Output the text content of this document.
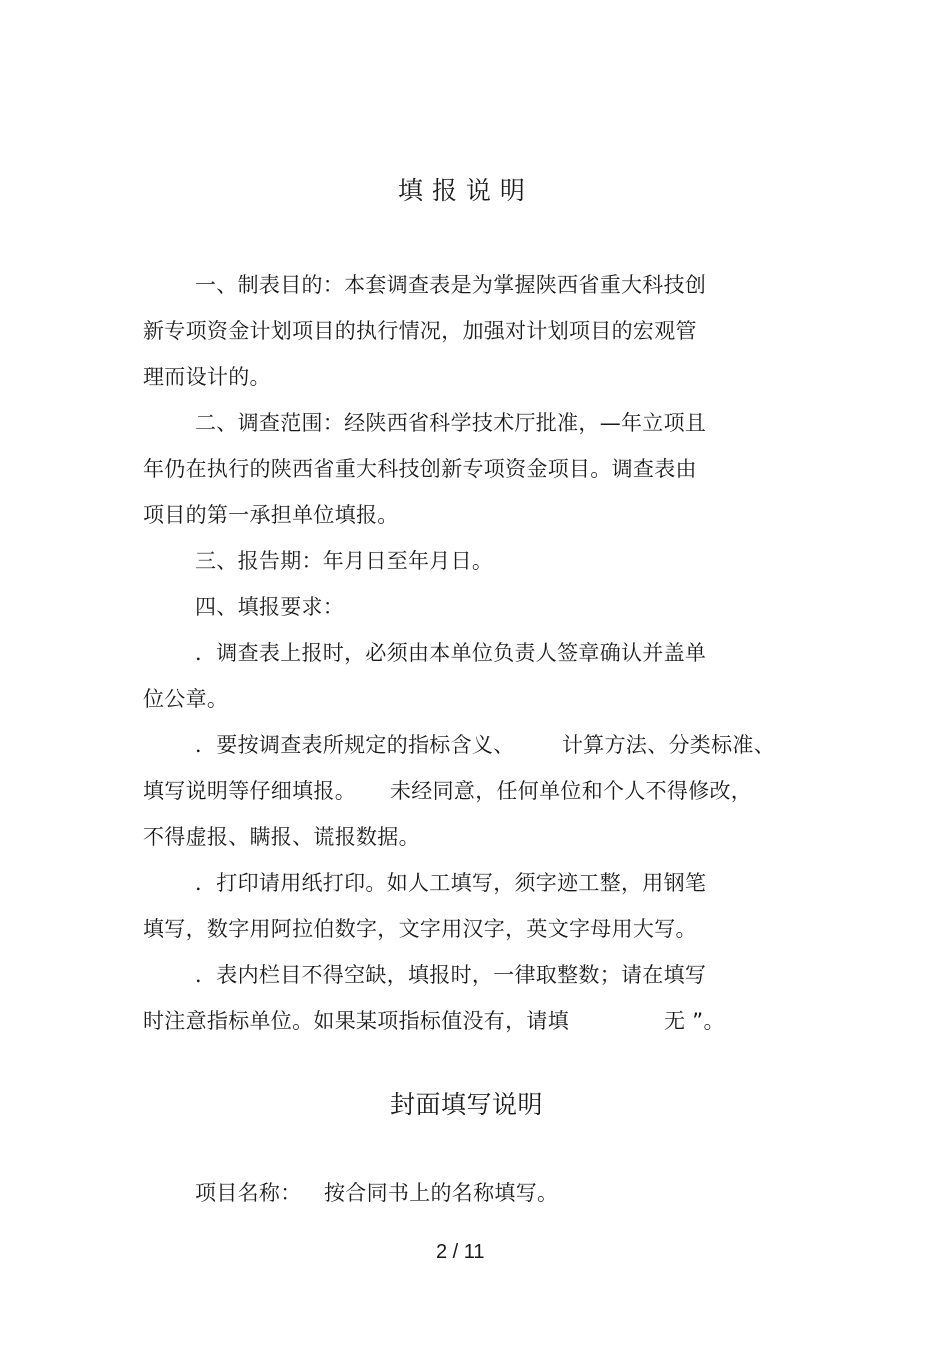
填 报 说 明
一、制表目的：本套调查表是为掌握陕西省重大科技创
新专项资金计划项目的执行情况，加强对计划项目的宏观管
理而设计的。
二、调查范围：经陕西省科学技术厅批准，—年立项且
年仍在执行的陕西省重大科技创新专项资金项目。调查表由
项目的第一承担单位填报。
三、报告期：年月日至年月日。
四、填报要求：
．调查表上报时，必须由本单位负责人签章确认并盖单
位公章。
．要按调查表所规定的指标含义、 计算方法、分类标准、
填写说明等仔细填报。 未经同意，任何单位和个人不得修改，
不得虚报、瞒报、谎报数据。
．打印请用纸打印。如人工填写，须字迹工整，用钢笔
填写，数字用阿拉伯数字，文字用汉字，英文字母用大写。
．表内栏目不得空缺，填报时，一律取整数；请在填写
时注意指标单位。如果某项指标值没有，请填	无 ”。
封面填写说明
项目名称： 按合同书上的名称填写。
2 / 11
